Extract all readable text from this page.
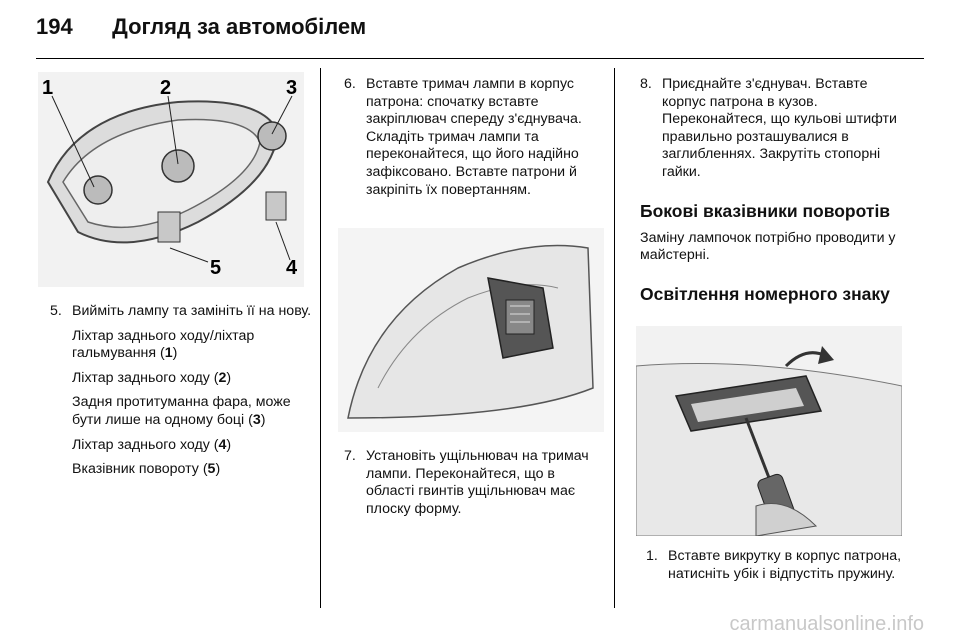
194 Догляд за автомобілем
1	2	3
5	4
5. Вийміть лампу та замініть її на нову.
Ліхтар заднього ходу/ліхтар гальмування (1)
Ліхтар заднього ходу (2)
Задня протитуманна фара, може бути лише на одному боці (3)
Ліхтар заднього ходу (4)
Вказівник повороту (5)
6. Вставте тримач лампи в корпус патрона: спочатку вставте закріплювач спереду з'єднувача. Складіть тримач лампи та переконайтеся, що його надійно зафіксовано. Вставте патрони й закріпіть їх повертанням.
7. Установіть ущільнювач на тримач лампи. Переконайтеся, що в області гвинтів ущільнювач має плоску форму.
8. Приєднайте з'єднувач. Вставте корпус патрона в кузов. Переконайтеся, що кульові штифти правильно розташувалися в заглибленнях. Закрутіть стопорні гайки.
Бокові вказівники поворотів
Заміну лампочок потрібно проводити у майстерні.
Освітлення номерного знаку
1. Вставте викрутку в корпус патрона, натисніть убік і відпустіть пружину.
carmanualsonline.info
